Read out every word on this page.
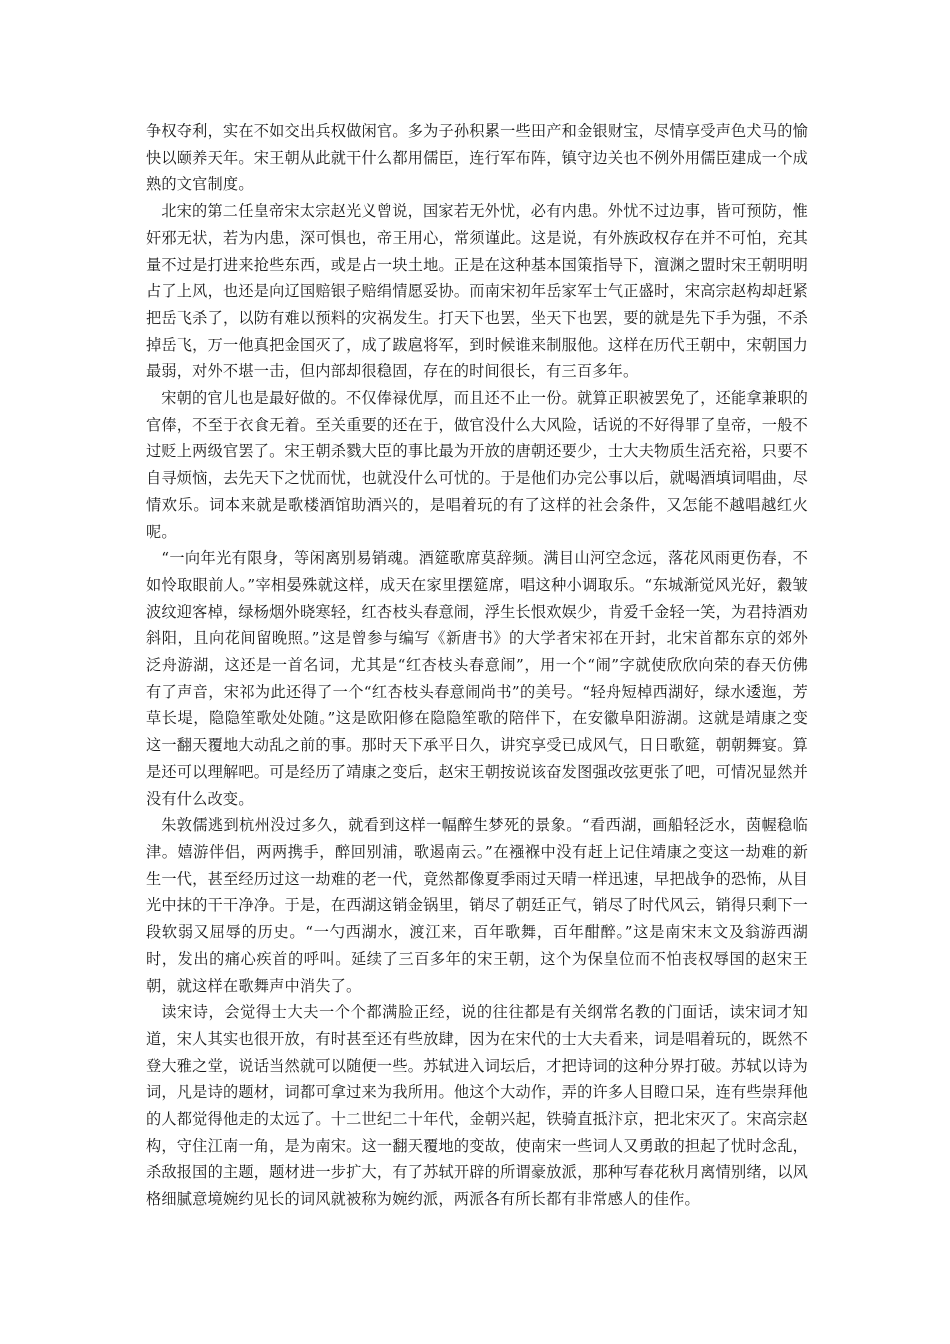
争权夺利，实在不如交出兵权做闲官。多为子孙积累一些田产和金银财宝，尽情享受声色犬马的愉快以颐养天年。宋王朝从此就干什么都用儒臣，连行军布阵，镇守边关也不例外用儒臣建成一个成熟的文官制度。

北宋的第二任皇帝宋太宗赵光义曾说，国家若无外忧，必有内患。外忧不过边事，皆可预防，惟奸邪无状，若为内患，深可惧也，帝王用心，常须谨此。这是说，有外族政权存在并不可怕，充其量不过是打进来抢些东西，或是占一块土地。正是在这种基本国策指导下，澶渊之盟时宋王朝明明占了上风，也还是向辽国赔银子赔绢情愿妥协。而南宋初年岳家军士气正盛时，宋高宗赵构却赶紧把岳飞杀了，以防有难以预料的灾祸发生。打天下也罢，坐天下也罢，要的就是先下手为强，不杀掉岳飞，万一他真把金国灭了，成了跋扈将军，到时候谁来制服他。这样在历代王朝中，宋朝国力最弱，对外不堪一击，但内部却很稳固，存在的时间很长，有三百多年。

宋朝的官儿也是最好做的。不仅俸禄优厚，而且还不止一份。就算正职被罢免了，还能拿兼职的官俸，不至于衣食无着。至关重要的还在于，做官没什么大风险，话说的不好得罪了皇帝，一般不过贬上两级官罢了。宋王朝杀戮大臣的事比最为开放的唐朝还要少，士大夫物质生活充裕，只要不自寻烦恼，去先天下之忧而忧，也就没什么可忧的。于是他们办完公事以后，就喝酒填词唱曲，尽情欢乐。词本来就是歌楼酒馆助酒兴的，是唱着玩的有了这样的社会条件，又怎能不越唱越红火呢。

“一向年光有限身，等闲离别易销魂。酒筵歌席莫辞频。满目山河空念远，落花风雨更伤春，不如怜取眼前人。”宰相晏殊就这样，成天在家里摆筵席，唱这种小调取乐。“东城渐觉风光好，縠皱波纹迎客棹，绿杨烟外晓寒轻，红杏枝头春意闹，浮生长恨欢娱少，肯爱千金轻一笑，为君持酒劝斜阳，且向花间留晚照。”这是曾参与编写《新唐书》的大学者宋祁在开封，北宋首都东京的郊外泛舟游湖，这还是一首名词，尤其是“红杏枝头春意闹”，用一个“闹”字就使欣欣向荣的春天仿佛有了声音，宋祁为此还得了一个“红杏枝头春意闹尚书”的美号。“轻舟短棹西湖好，绿水逶迤，芳草长堤，隐隐笙歌处处随。”这是欧阳修在隐隐笙歌的陪伴下，在安徽阜阳游湖。这就是靖康之变这一翻天覆地大动乱之前的事。那时天下承平日久，讲究享受已成风气，日日歌筵，朝朝舞宴。算是还可以理解吧。可是经历了靖康之变后，赵宋王朝按说该奋发图强改弦更张了吧，可情况显然并没有什么改变。

朱敦儒逃到杭州没过多久，就看到这样一幅醉生梦死的景象。“看西湖，画船轻泛水，茵幄稳临津。嬉游伴侣，两两携手，醉回别浦，歌遏南云。”在襁褓中没有赶上记住靖康之变这一劫难的新生一代，甚至经历过这一劫难的老一代，竟然都像夏季雨过天晴一样迅速，早把战争的恐怖，从目光中抹的干干净净。于是，在西湖这销金锅里，销尽了朝廷正气，销尽了时代风云，销得只剩下一段软弱又屈辱的历史。“一勺西湖水，渡江来，百年歌舞，百年酣醉。”这是南宋末文及翁游西湖时，发出的痛心疾首的呼叫。延续了三百多年的宋王朝，这个为保皇位而不怕丧权辱国的赵宋王朝，就这样在歌舞声中消失了。

读宋诗，会觉得士大夫一个个都满脸正经，说的往往都是有关纲常名教的门面话，读宋词才知道，宋人其实也很开放，有时甚至还有些放肆，因为在宋代的士大夫看来，词是唱着玩的，既然不登大雅之堂，说话当然就可以随便一些。苏轼进入词坛后，才把诗词的这种分界打破。苏轼以诗为词，凡是诗的题材，词都可拿过来为我所用。他这个大动作，弄的许多人目瞪口呆，连有些崇拜他的人都觉得他走的太远了。十二世纪二十年代，金朝兴起，铁骑直抵汴京，把北宋灭了。宋高宗赵构，守住江南一角，是为南宋。这一翻天覆地的变故，使南宋一些词人又勇敢的担起了忧时念乱，杀敌报国的主题，题材进一步扩大，有了苏轼开辟的所谓豪放派，那种写春花秋月离情别绪，以风格细腻意境婉约见长的词风就被称为婉约派，两派各有所长都有非常感人的佳作。
